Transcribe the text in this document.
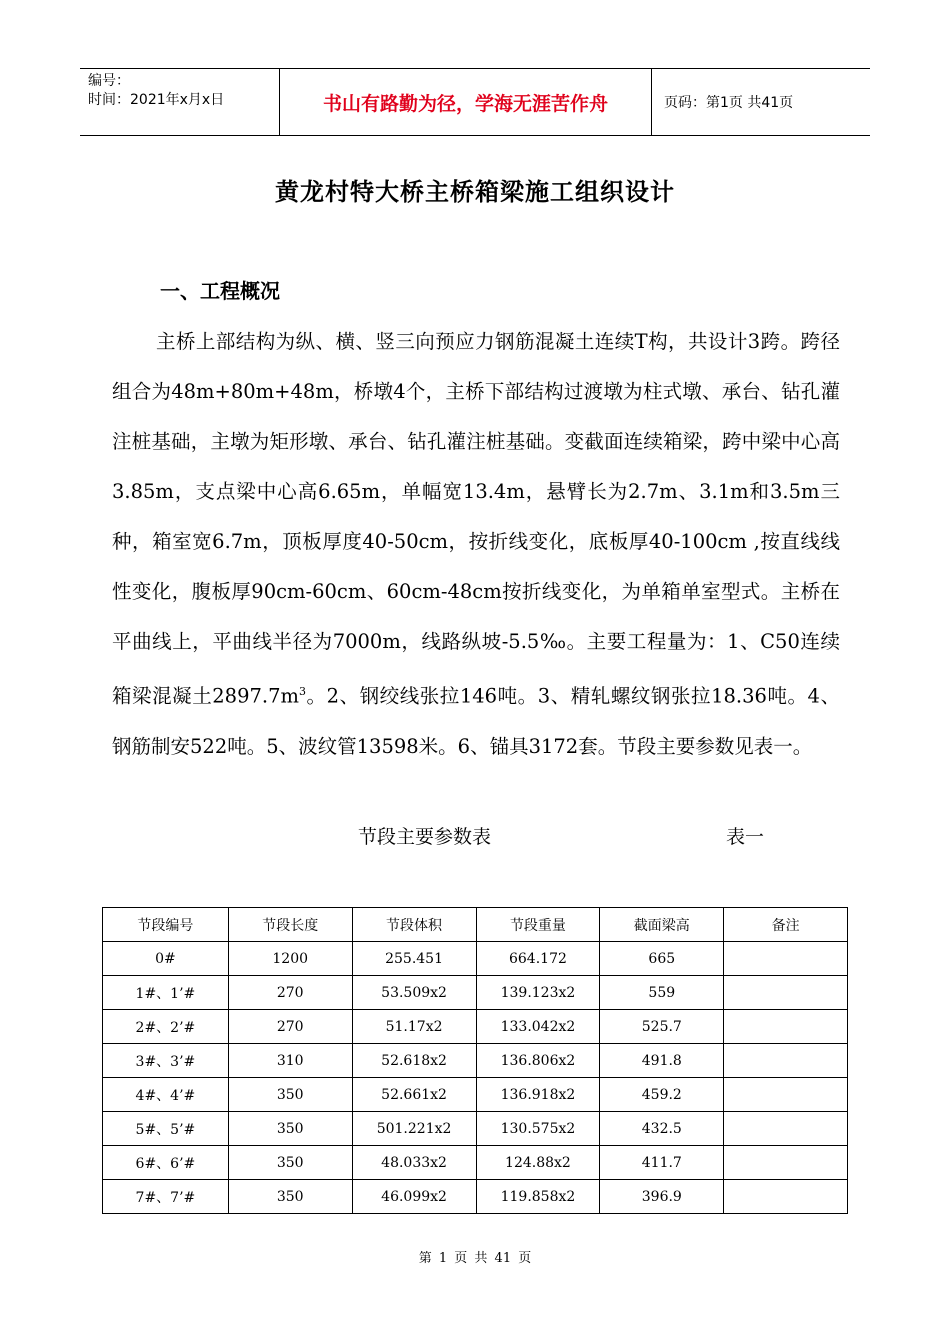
编号：
时间：2021年x月x日	书山有路勤为径，学海无涯苦作舟	页码：第1页 共41页
黄龙村特大桥主桥箱梁施工组织设计
一、工程概况

主桥上部结构为纵、横、竖三向预应力钢筋混凝土连续T构，共设计3跨。跨径组合为48m+80m+48m，桥墩4个，主桥下部结构过渡墩为柱式墩、承台、钻孔灌注桩基础，主墩为矩形墩、承台、钻孔灌注桩基础。变截面连续箱梁，跨中梁中心高3.85m，支点梁中心高6.65m，单幅宽13.4m，悬臂长为2.7m、3.1m和3.5m三种，箱室宽6.7m，顶板厚度40-50cm，按折线变化，底板厚40-100cm ,按直线线性变化，腹板厚90cm-60cm、60cm-48cm按折线变化，为单箱单室型式。主桥在平曲线上，平曲线半径为7000m，线路纵坡-5.5‰。主要工程量为：1、C50连续箱梁混凝土$2897.7m^3$。2、钢绞线张拉146吨。3、精轧螺纹钢张拉18.36吨。4、钢筋制安522吨。5、波纹管13598米。6、锚具3172套。节段主要参数见表一。

节段主要参数表	表一
节段编号	节段长度	节段体积	节段重量	截面梁高	备注
0#	1200	255.451	664.172	665	
1#、1’#	270	53.509x2	139.123x2	559	
2#、2’#	270	51.17x2	133.042x2	525.7	
3#、3’#	310	52.618x2	136.806x2	491.8	
4#、4’#	350	52.661x2	136.918x2	459.2	
5#、5’#	350	501.221x2	130.575x2	432.5	
6#、6’#	350	48.033x2	124.88x2	411.7	
7#、7’#	350	46.099x2	119.858x2	396.9	
第 1 页 共 41 页
